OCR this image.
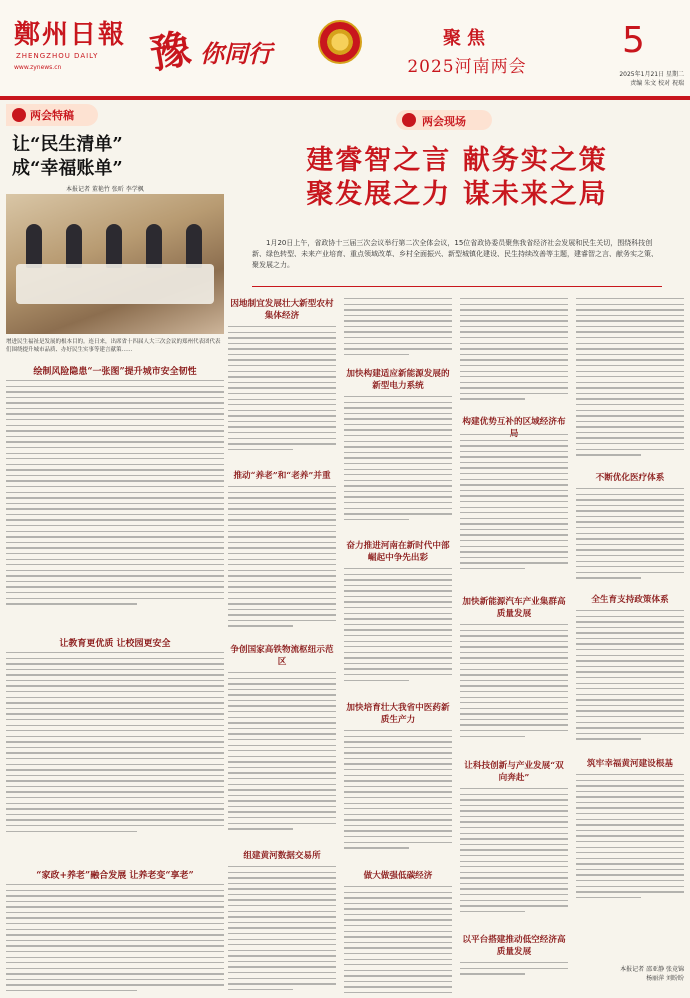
鄭州日報
ZHENGZHOU DAILY
www.zynews.cn 豫 你同行
聚焦
2025河南两会
5
2025年1月21日 星期二
责编 朱文 校对 祝瑞
两会特稿
让“民生清单”
成“幸福账单”
本报记者 董艳竹 张昕 李学枫
增进民生福祉是发展的根本目的。连日来，出席省十四届人大三次会议的郑州代表团代表们围绕提升城市品质、办好民生实事等建言献策……
绘制风险隐患“一张图”提升城市安全韧性
让教育更优质 让校园更安全
“家政+养老”融合发展 让养老变“享老”
两会现场
建睿智之言 献务实之策
聚发展之力 谋未来之局
1月20日上午，省政协十三届三次会议举行第二次全体会议，15位省政协委员聚焦我省经济社会发展和民生关切，围绕科技创新、绿色转型、未来产业培育、重点领域改革、乡村全面振兴、新型城镇化建设、民生持续改善等主题，建睿智之言、献务实之策、聚发展之力。
因地制宜发展壮大新型农村集体经济
推动“养老”和“老养”并重
争创国家高铁物流枢纽示范区
组建黄河数据交易所
加快构建适应新能源发展的新型电力系统
奋力推进河南在新时代中部崛起中争先出彩
加快培育壮大我省中医药新质生产力
做大做强低碳经济
构建优势互补的区域经济布
加快新能源汽车产业集群高质量发展
让科技创新与产业发展“双向奔赴”
以平台搭建推动低空经济高质量发展
不断优化医疗体系
全生育支持政策体系
筑牢幸福黄河建设根基
本报记者 邵亚静 张竟锦
杨丽萍 刘盼盼
